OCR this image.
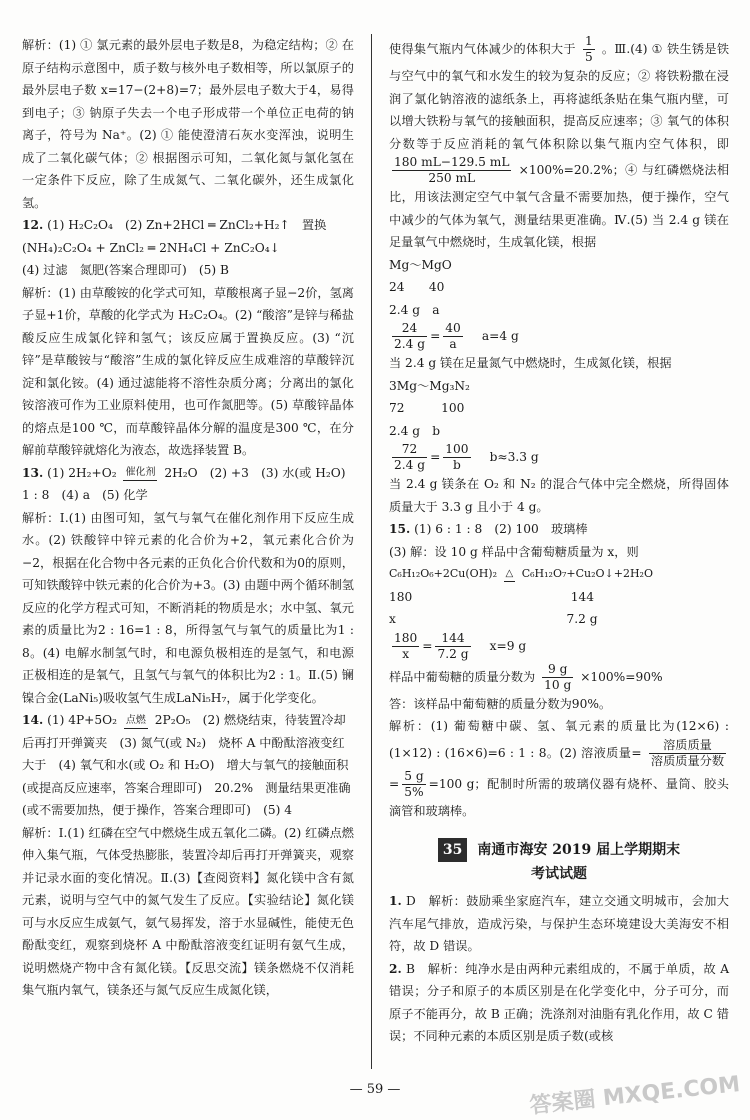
解析：(1) ① 氯元素的最外层电子数是8，为稳定结构；② 在原子结构示意图中，质子数与核外电子数相等，所以氯原子的最外层电子数 x=17−(2+8)=7；最外层电子数大于4，易得到电子；③ 钠原子失去一个电子形成带一个单位正电荷的钠离子，符号为 Na⁺。(2) ① 能使澄清石灰水变浑浊，说明生成了二氧化碳气体；② 根据图示可知，二氧化氮与氯化氢在一定条件下反应，除了生成氮气、二氧化碳外，还生成氯化氢。

12. (1) H₂C₂O₄　(2) Zn+2HCl ═ ZnCl₂+H₂↑　置换

(NH₄)₂C₂O₄ + ZnCl₂ ═ 2NH₄Cl + ZnC₂O₄↓

(4) 过滤　氮肥(答案合理即可)　(5) B

解析：(1) 由草酸铵的化学式可知，草酸根离子显−2价，氢离子显+1价，草酸的化学式为 H₂C₂O₄。(2) “酸溶”是锌与稀盐酸反应生成氯化锌和氢气；该反应属于置换反应。(3) “沉锌”是草酸铵与“酸溶”生成的氯化锌反应生成难溶的草酸锌沉淀和氯化铵。(4) 通过滤能将不溶性杂质分离；分离出的氯化铵溶液可作为工业原料使用，也可作氮肥等。(5) 草酸锌晶体的熔点是100 ℃，而草酸锌晶体分解的温度是300 ℃，在分解前草酸锌就熔化为液态，故选择装置 B。

13. (1) 2H₂+O₂ 催化剂 2H₂O　(2) +3　(3) 水(或 H₂O)

1 : 8　(4) a　(5) 化学

解析：Ⅰ.(1) 由图可知，氢气与氧气在催化剂作用下反应生成水。(2) 铁酸锌中锌元素的化合价为+2，氧元素化合价为−2，根据在化合物中各元素的正负化合价代数和为0的原则，可知铁酸锌中铁元素的化合价为+3。(3) 由题中两个循环制氢反应的化学方程式可知，不断消耗的物质是水；水中氢、氧元素的质量比为2 : 16=1 : 8，所得氢气与氧气的质量比为1 : 8。(4) 电解水制氢气时，和电源负极相连的是氢气，和电源正极相连的是氧气，且氢气与氧气的体积比为2 : 1。Ⅱ.(5) 镧镍合金(LaNi₅)吸收氢气生成LaNi₅H₇，属于化学变化。

14. (1) 4P+5O₂ 点燃 2P₂O₅　(2) 燃烧结束，待装置冷却后再打开弹簧夹　(3) 氮气(或 N₂)　烧杯 A 中酚酞溶液变红　大于　(4) 氧气和水(或 O₂ 和 H₂O)　增大与氧气的接触面积(或提高反应速率，答案合理即可)　20.2%　测量结果更准确(或不需要加热，便于操作，答案合理即可)　(5) 4

解析：Ⅰ.(1) 红磷在空气中燃烧生成五氧化二磷。(2) 红磷点燃伸入集气瓶，气体受热膨胀，装置冷却后再打开弹簧夹，观察并记录水面的变化情况。Ⅱ.(3)【查阅资料】氮化镁中含有氮元素，说明与空气中的氮气发生了反应。【实验结论】氮化镁可与水反应生成氨气，氨气易挥发，溶于水显碱性，能使无色酚酞变红，观察到烧杯 A 中酚酞溶液变红证明有氨气生成，说明燃烧产物中含有氮化镁。【反思交流】镁条燃烧不仅消耗集气瓶内氧气，镁条还与氮气反应生成氮化镁，

使得集气瓶内气体减少的体积大于 $\frac{1}{5}$ 。Ⅲ.(4) ① 铁生锈是铁与空气中的氧气和水发生的较为复杂的反应；② 将铁粉撒在浸润了氯化钠溶液的滤纸条上，再将滤纸条贴在集气瓶内壁，可以增大铁粉与氧气的接触面积，提高反应速率；③ 氧气的体积分数等于反应消耗的氧气体积除以集气瓶内空气体积，即
$\frac{180 mL-129.5 mL}{250 mL} \times 100\%=20.2\%$；④ 与红磷燃烧法相比，用该法测定空气中氧气含量不需要加热，便于操作，空气中减少的气体为氧气，测量结果更准确。Ⅳ.(5) 当 2.4 g 镁在足量氧气中燃烧时，生成氧化镁，根据

Mg～MgO

24　　40

2.4 g　a

$\frac{24}{2.4 g} = \frac{40}{a}$
　 a=4 g

当 2.4 g 镁在足量氮气中燃烧时，生成氮化镁，根据

3Mg～Mg₃N₂

72　　　100

2.4 g　b

$\frac{72}{2.4 g} = \frac{100}{b}$
　 b≈3.3 g

当 2.4 g 镁条在 O₂ 和 N₂ 的混合气体中完全燃烧，所得固体质量大于 3.3 g 且小于 4 g。

15. (1) 6 : 1 : 8　(2) 100　玻璃棒

(3) 解：设 10 g 样品中含葡萄糖质量为 x，则

C₆H₁₂O₆+2Cu(OH)₂ △ C₆H₁₂O₇+Cu₂O↓+2H₂O

180　　　　　　　　　　　　　144

x　　　　　　　　　　　　　　7.2 g

$\frac{180}{x} = \frac{144}{7.2 g}$
　 x=9 g

样品中葡萄糖的质量分数为 $\frac{9 g}{10 g} \times 100\%=90\%$

答：该样品中葡萄糖的质量分数为90%。

解析：(1) 葡萄糖中碳、氢、氧元素的质量比为(12×6) : (1×12) : (16×6)=6 : 1 : 8。(2) 溶液质量= $\frac{\text{溶质质量}}{\text{溶质质量分数}}$
= $\frac{5 g}{5\%} =100$ g；配制时所需的玻璃仪器有烧杯、量筒、胶头滴管和玻璃棒。

35 南通市海安 2019 届上学期期末
考试试题

1. D　解析：鼓励乘坐家庭汽车，建立交通文明城市，会加大汽车尾气排放，造成污染，与保护生态环境建设大美海安不相符，故 D 错误。

2. B　解析：纯净水是由两种元素组成的，不属于单质，故 A 错误；分子和原子的本质区别是在化学变化中，分子可分，而原子不能再分，故 B 正确；洗涤剂对油脂有乳化作用，故 C 错误；不同种元素的本质区别是质子数(或核

— 59 —	答案圈 MXQE.COM
